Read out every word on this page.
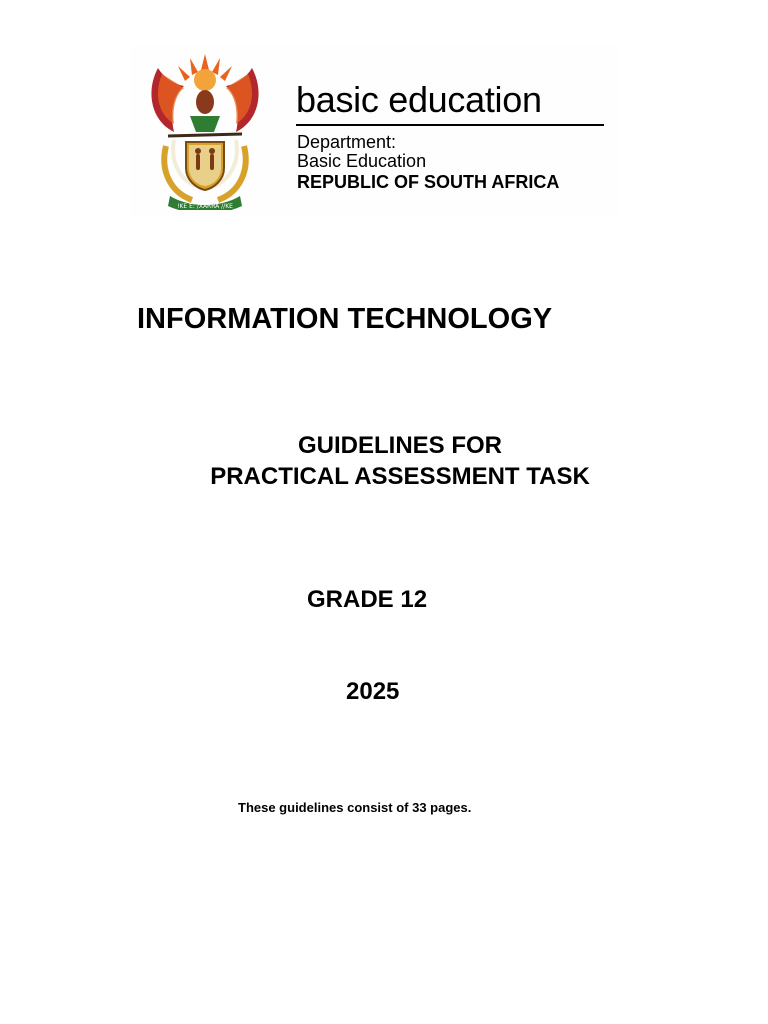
!KE E: /XARRA //KE
basic education
Department:
Basic Education
REPUBLIC OF SOUTH AFRICA
INFORMATION TECHNOLOGY
GUIDELINES FOR
PRACTICAL ASSESSMENT TASK
GRADE 12
2025
These guidelines consist of 33 pages.
